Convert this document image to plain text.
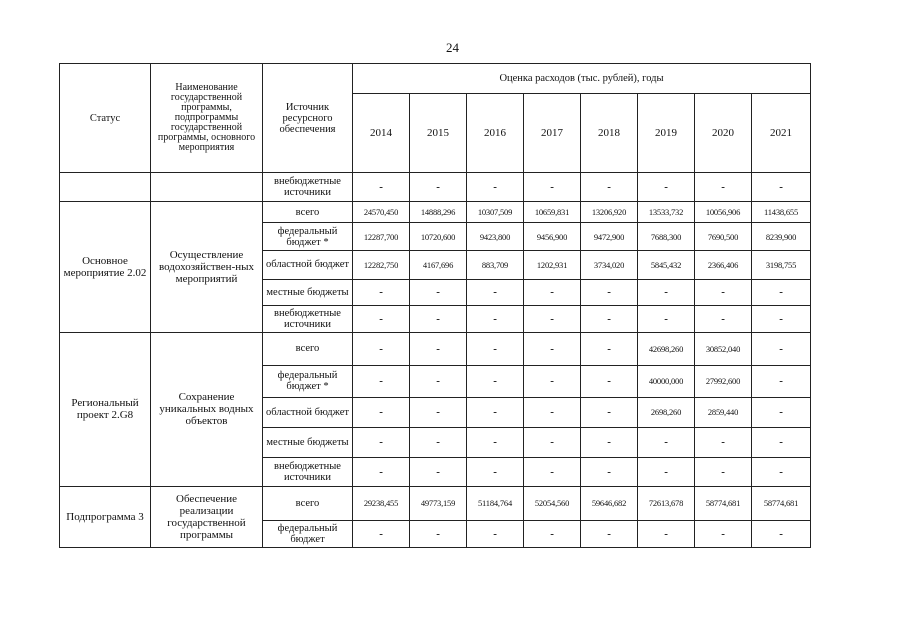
24
Статус	Наименование государственной программы, подпрограммы государственной программы, основного мероприятия	Источник ресурсного обеспечения	Оценка расходов (тыс. рублей), годы							
			2014	2015	2016	2017	2018	2019	2020	2021
		внебюджетные источники	-	-	-	-	-	-	-	-
Основное мероприятие 2.02	Осуществление водохозяйствен-ных мероприятий	всего	24570,450	14888,296	10307,509	10659,831	13206,920	13533,732	10056,906	11438,655
		федеральный бюджет *	12287,700	10720,600	9423,800	9456,900	9472,900	7688,300	7690,500	8239,900
		областной бюджет	12282,750	4167,696	883,709	1202,931	3734,020	5845,432	2366,406	3198,755
		местные бюджеты	-	-	-	-	-	-	-	-
		внебюджетные источники	-	-	-	-	-	-	-	-
Региональный проект 2.G8	Сохранение уникальных водных объектов	всего	-	-	-	-	-	42698,260	30852,040	-
		федеральный бюджет *	-	-	-	-	-	40000,000	27992,600	-
		областной бюджет	-	-	-	-	-	2698,260	2859,440	-
		местные бюджеты	-	-	-	-	-	-	-	-
		внебюджетные источники	-	-	-	-	-	-	-	-
Подпрограмма 3	Обеспечение реализации государственной программы	всего	29238,455	49773,159	51184,764	52054,560	59646,682	72613,678	58774,681	58774,681
		федеральный бюджет	-	-	-	-	-	-	-	-
